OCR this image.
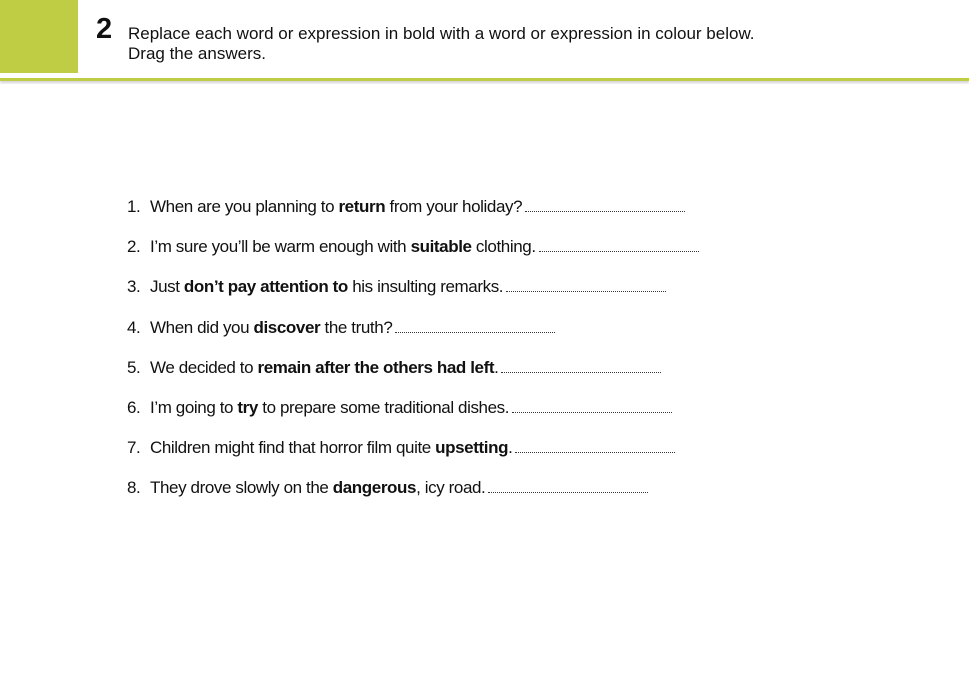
2 Replace each word or expression in bold with a word or expression in colour below.
Drag the answers.
1. When are you planning to return from your holiday?
2. I’m sure you’ll be warm enough with suitable clothing.
3. Just don’t pay attention to his insulting remarks.
4. When did you discover the truth?
5. We decided to remain after the others had left.
6. I’m going to try to prepare some traditional dishes.
7. Children might find that horror film quite upsetting.
8. They drove slowly on the dangerous, icy road.
